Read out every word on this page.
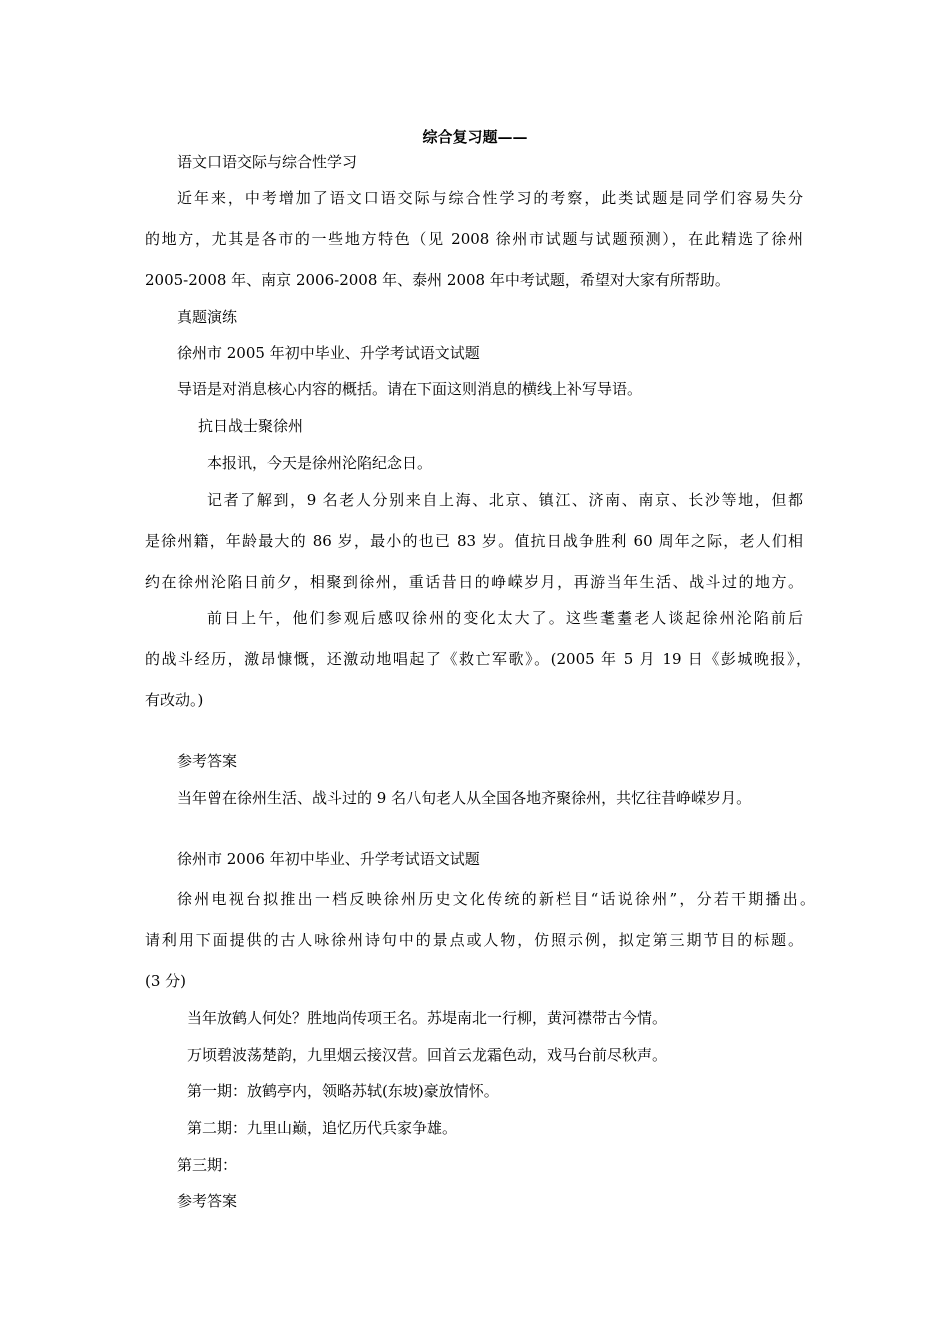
综合复习题——

语文口语交际与综合性学习

近年来，中考增加了语文口语交际与综合性学习的考察，此类试题是同学们容易失分

的地方，尤其是各市的一些地方特色（见 2008 徐州市试题与试题预测），在此精选了徐州

2005-2008 年、南京 2006-2008 年、泰州 2008 年中考试题，希望对大家有所帮助。

真题演练

徐州市 2005 年初中毕业、升学考试语文试题

导语是对消息核心内容的概括。请在下面这则消息的横线上补写导语。

抗日战士聚徐州

本报讯，今天是徐州沦陷纪念日。

记者了解到，9 名老人分别来自上海、北京、镇江、济南、南京、长沙等地，但都

是徐州籍，年龄最大的 86 岁，最小的也已 83 岁。值抗日战争胜利 60 周年之际，老人们相

约在徐州沦陷日前夕，相聚到徐州，重话昔日的峥嵘岁月，再游当年生活、战斗过的地方。

前日上午，他们参观后感叹徐州的变化太大了。这些耄耋老人谈起徐州沦陷前后

的战斗经历，激昂慷慨，还激动地唱起了《救亡军歌》。(2005 年 5 月 19 日《彭城晚报》，

有改动。)

参考答案

当年曾在徐州生活、战斗过的 9 名八旬老人从全国各地齐聚徐州，共忆往昔峥嵘岁月。

徐州市 2006 年初中毕业、升学考试语文试题

徐州电视台拟推出一档反映徐州历史文化传统的新栏目“话说徐州”，分若干期播出。

请利用下面提供的古人咏徐州诗句中的景点或人物，仿照示例，拟定第三期节目的标题。

(3 分)

当年放鹤人何处？胜地尚传项王名。苏堤南北一行柳，黄河襟带古今情。

万顷碧波荡楚韵，九里烟云接汉营。回首云龙霜色动，戏马台前尽秋声。

第一期：放鹤亭内，领略苏轼(东坡)豪放情怀。

第二期：九里山巅，追忆历代兵家争雄。

第三期：

参考答案
